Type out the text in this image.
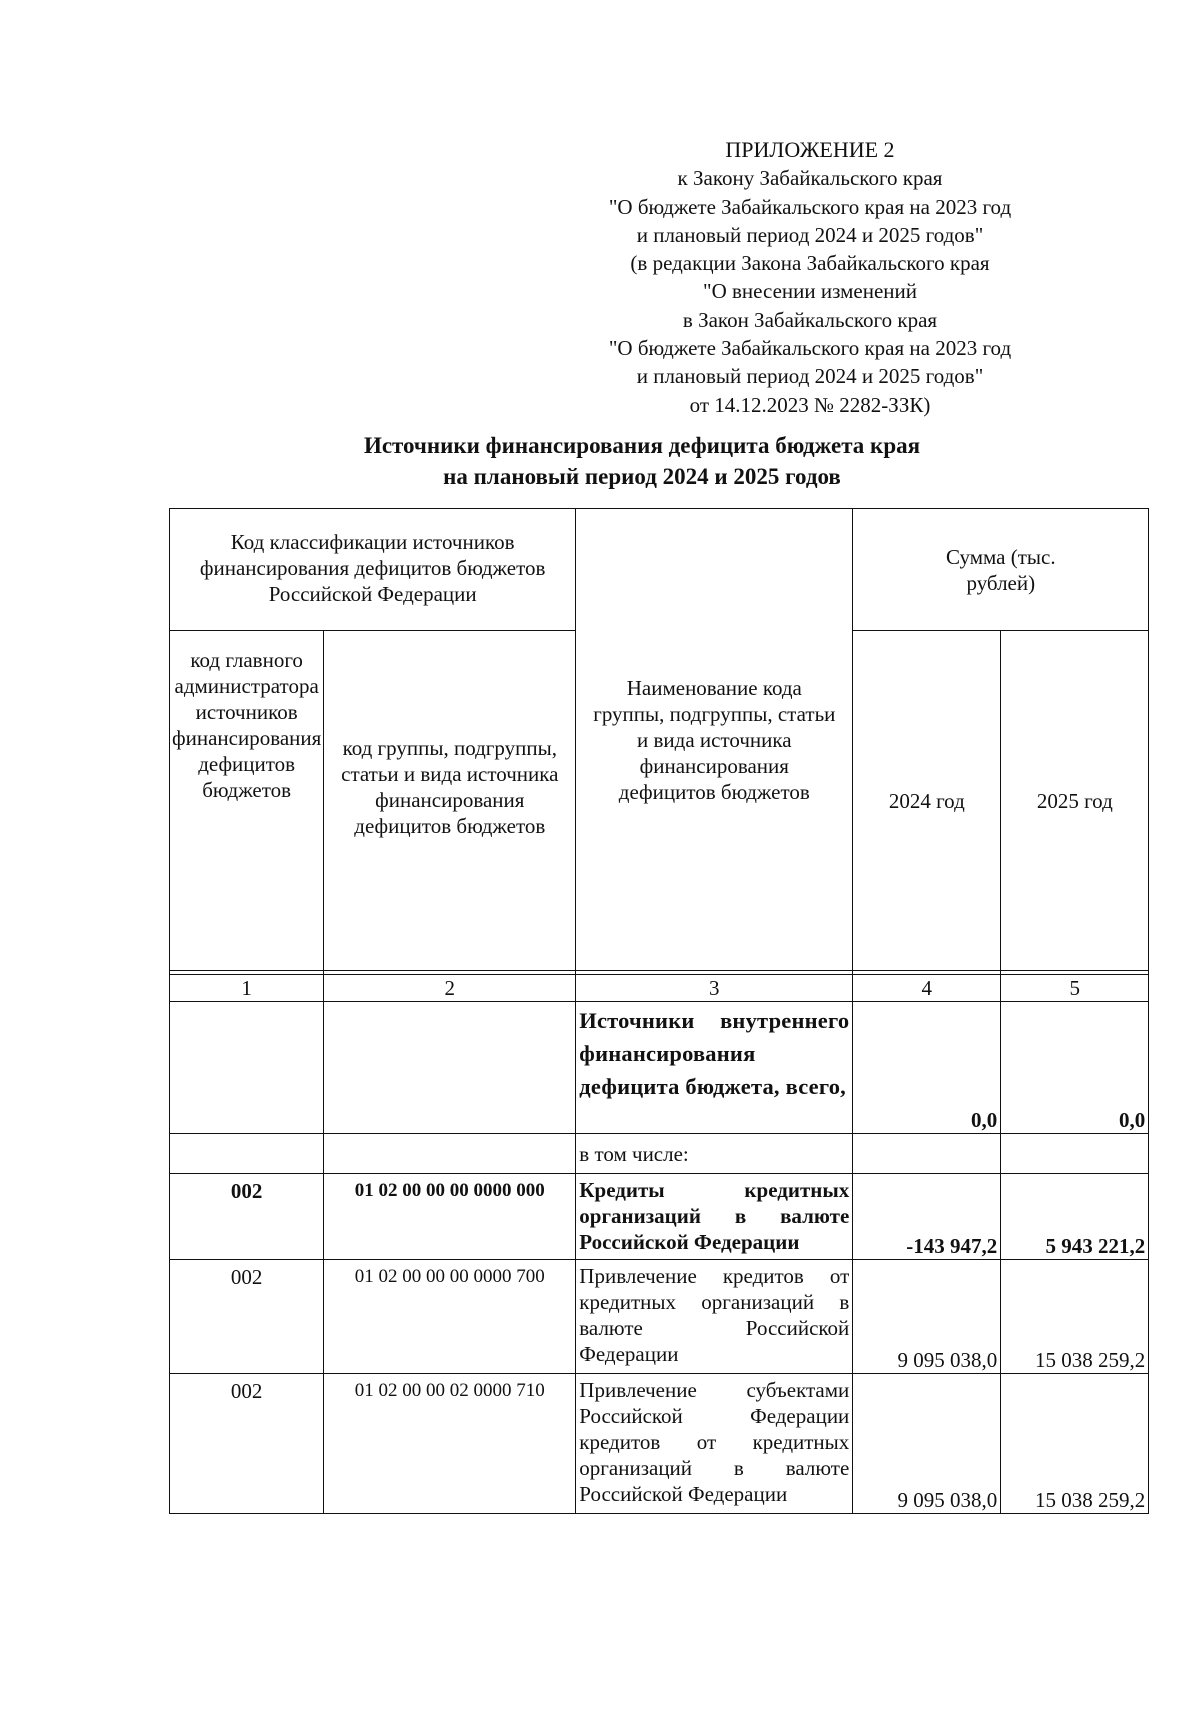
ПРИЛОЖЕНИЕ 2
к Закону Забайкальского края
"О бюджете Забайкальского края на 2023 год
и плановый период 2024 и 2025 годов"
(в редакции Закона Забайкальского края
"О внесении изменений
в Закон Забайкальского края
"О бюджете Забайкальского края на 2023 год
и плановый период 2024 и 2025 годов"
от 14.12.2023 № 2282-ЗЗК)
Источники финансирования дефицита бюджета края
на плановый период 2024 и 2025 годов
Код классификации источников финансирования дефицитов бюджетов Российской Федерации		Наименование кода группы, подгруппы, статьи и вида источника финансирования дефицитов бюджетов	Сумма (тыс. рублей)	
код главного администратора источников финансирования дефицитов бюджетов	код группы, подгруппы, статьи и вида источника финансирования дефицитов бюджетов		2024 год	2025 год

1	2	3	4	5
		Источники внутреннего финансирования дефицита бюджета, всего,	0,0	0,0
		в том числе:		
002	01 02 00 00 00 0000 000	Кредиты кредитных организаций в валюте Российской Федерации	-143 947,2	5 943 221,2
002	01 02 00 00 00 0000 700	Привлечение кредитов от кредитных организаций в валюте Российской Федерации	9 095 038,0	15 038 259,2
002	01 02 00 00 02 0000 710	Привлечение субъектами Российской Федерации кредитов от кредитных организаций в валюте Российской Федерации	9 095 038,0	15 038 259,2
